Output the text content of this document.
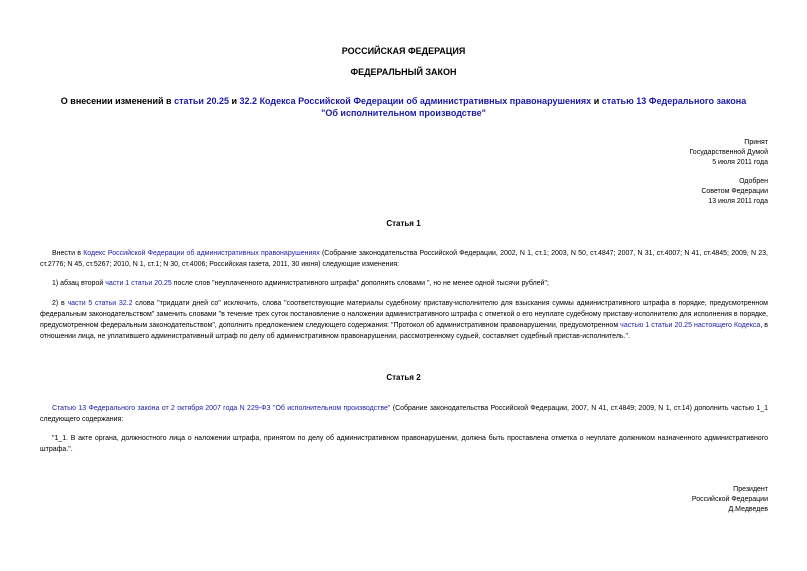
РОССИЙСКАЯ ФЕДЕРАЦИЯ
ФЕДЕРАЛЬНЫЙ ЗАКОН
О внесении изменений в статьи 20.25 и 32.2 Кодекса Российской Федерации об административных правонарушениях и статью 13 Федерального закона "Об исполнительном производстве"
Принят
Государственной Думой
5 июля 2011 года
Одобрен
Советом Федерации
13 июля 2011 года
Статья 1
Внести в Кодекс Российской Федерации об административных правонарушениях (Собрание законодательства Российской Федерации, 2002, N 1, ст.1; 2003, N 50, ст.4847; 2007, N 31, ст.4007; N 41, ст.4845; 2009, N 23, ст.2776; N 45, ст.5267; 2010, N 1, ст.1; N 30, ст.4006; Российская газета, 2011, 30 июня) следующие изменения:
1) абзац второй части 1 статьи 20.25 после слов "неуплаченного административного штрафа" дополнить словами ", но не менее одной тысячи рублей";
2) в части 5 статьи 32.2 слова "тридцати дней со" исключить, слова "соответствующие материалы судебному приставу-исполнителю для взыскания суммы административного штрафа в порядке, предусмотренном федеральным законодательством" заменить словами "в течение трех суток постановление о наложении административного штрафа с отметкой о его неуплате судебному приставу-исполнителю для исполнения в порядке, предусмотренном федеральным законодательством", дополнить предложением следующего содержания: "Протокол об административном правонарушении, предусмотренном частью 1 статьи 20.25 настоящего Кодекса, в отношении лица, не уплатившего административный штраф по делу об административном правонарушении, рассмотренному судьей, составляет судебный пристав-исполнитель.".
Статья 2
Статью 13 Федерального закона от 2 октября 2007 года N 229-ФЗ "Об исполнительном производстве" (Собрание законодательства Российской Федерации, 2007, N 41, ст.4849; 2009, N 1, ст.14) дополнить частью 1_1 следующего содержания:
"1_1. В акте органа, должностного лица о наложении штрафа, принятом по делу об административном правонарушении, должна быть проставлена отметка о неуплате должником назначенного административного штрафа.".
Президент
Российской Федерации
Д.Медведев
